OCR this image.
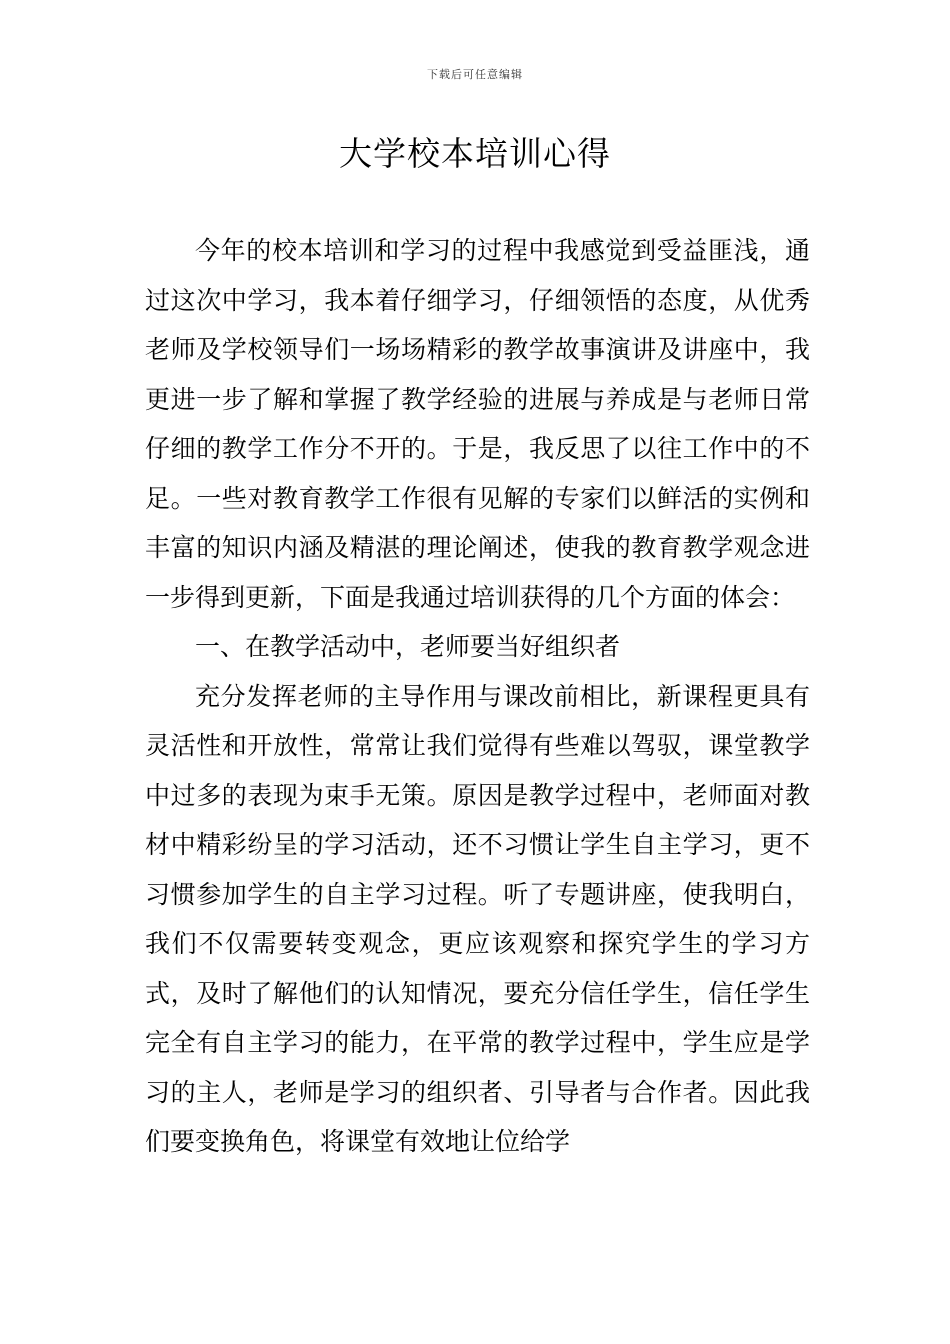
下载后可任意编辑
大学校本培训心得

今年的校本培训和学习的过程中我感觉到受益匪浅，通过这次中学习，我本着仔细学习，仔细领悟的态度，从优秀老师及学校领导们一场场精彩的教学故事演讲及讲座中，我更进一步了解和掌握了教学经验的进展与养成是与老师日常仔细的教学工作分不开的。于是，我反思了以往工作中的不足。一些对教育教学工作很有见解的专家们以鲜活的实例和丰富的知识内涵及精湛的理论阐述，使我的教育教学观念进一步得到更新，下面是我通过培训获得的几个方面的体会：

一、在教学活动中，老师要当好组织者

充分发挥老师的主导作用与课改前相比，新课程更具有灵活性和开放性，常常让我们觉得有些难以驾驭，课堂教学中过多的表现为束手无策。原因是教学过程中，老师面对教材中精彩纷呈的学习活动，还不习惯让学生自主学习，更不习惯参加学生的自主学习过程。听了专题讲座，使我明白，我们不仅需要转变观念，更应该观察和探究学生的学习方式，及时了解他们的认知情况，要充分信任学生，信任学生完全有自主学习的能力，在平常的教学过程中，学生应是学习的主人，老师是学习的组织者、引导者与合作者。因此我们要变换角色，将课堂有效地让位给学
